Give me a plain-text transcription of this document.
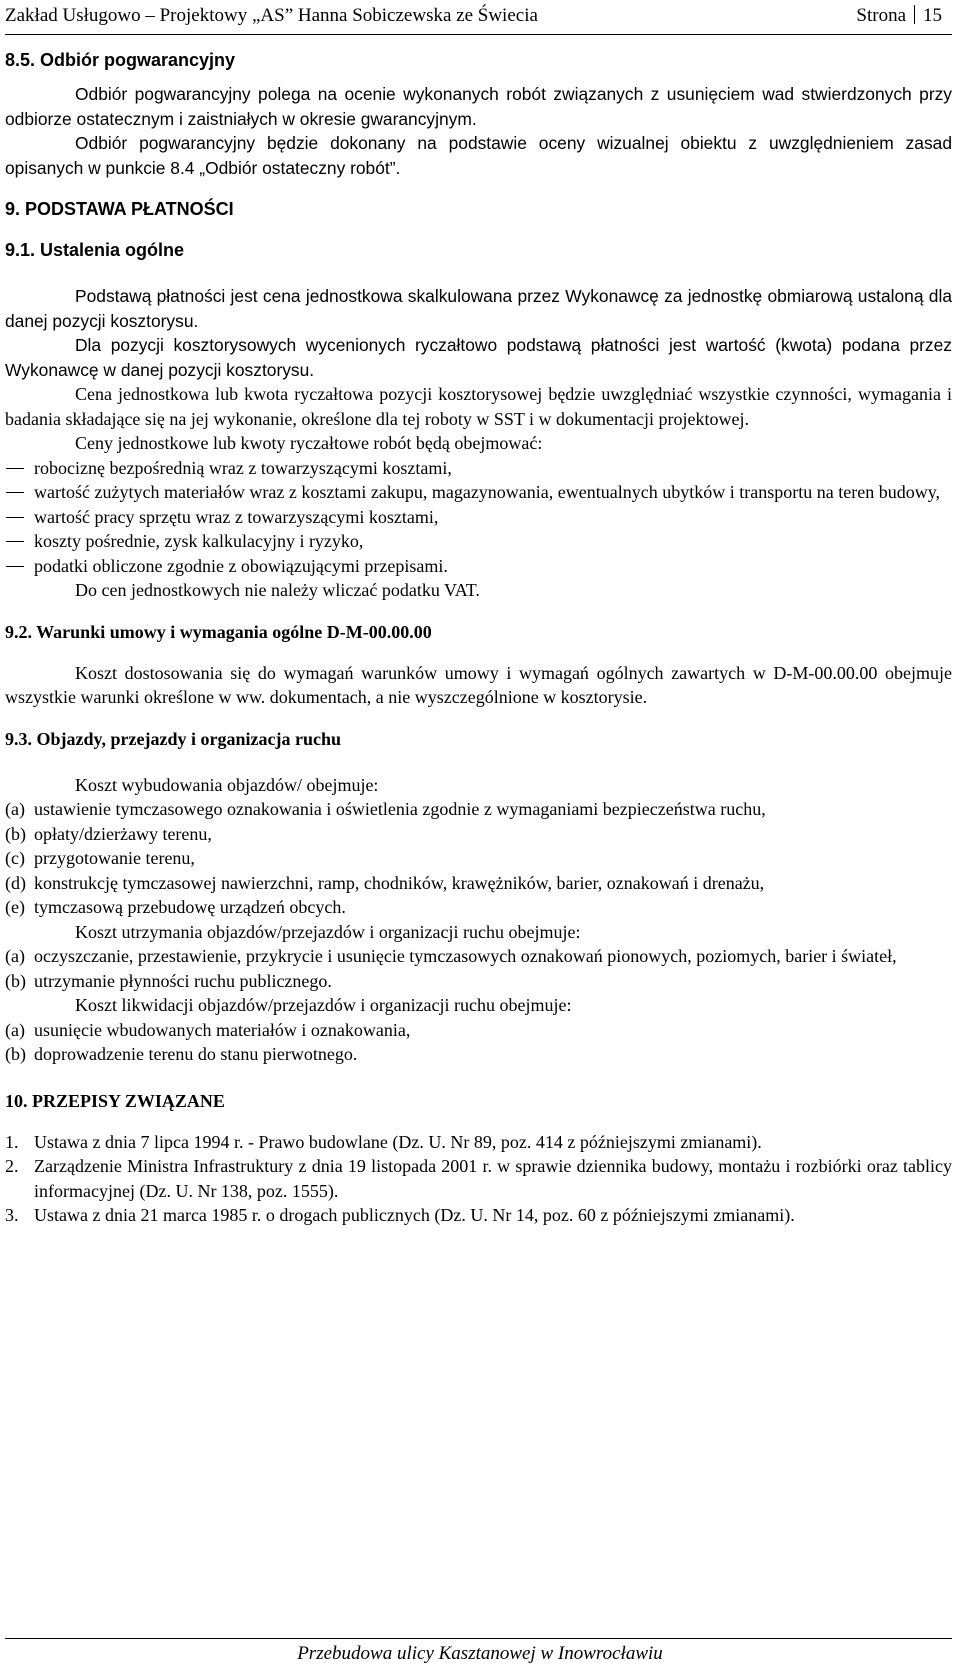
Zakład Usługowo – Projektowy „AS” Hanna Sobiczewska ze Świecia	Strona 15
8.5. Odbiór pogwarancyjny

Odbiór pogwarancyjny polega na ocenie wykonanych robót związanych z usunięciem wad stwierdzonych przy odbiorze ostatecznym i zaistniałych w okresie gwarancyjnym.

Odbiór pogwarancyjny będzie dokonany na podstawie oceny wizualnej obiektu z uwzględnieniem zasad opisanych w punkcie 8.4 „Odbiór ostateczny robót”.

9. PODSTAWA PŁATNOŚCI
9.1. Ustalenia ogólne

Podstawą płatności jest cena jednostkowa skalkulowana przez Wykonawcę za jednostkę obmiarową ustaloną dla danej pozycji kosztorysu.

Dla pozycji kosztorysowych wycenionych ryczałtowo podstawą płatności jest wartość (kwota) podana przez Wykonawcę w danej pozycji kosztorysu.

Cena jednostkowa lub kwota ryczałtowa pozycji kosztorysowej będzie uwzględniać wszystkie czynności, wymagania i badania składające się na jej wykonanie, określone dla tej roboty w SST i w dokumentacji projektowej.

Ceny jednostkowe lub kwoty ryczałtowe robót będą obejmować:

robociznę bezpośrednią wraz z towarzyszącymi kosztami,
wartość zużytych materiałów wraz z kosztami zakupu, magazynowania, ewentualnych ubytków i transportu na teren budowy,
wartość pracy sprzętu wraz z towarzyszącymi kosztami,
koszty pośrednie, zysk kalkulacyjny i ryzyko,
podatki obliczone zgodnie z obowiązującymi przepisami.

Do cen jednostkowych nie należy wliczać podatku VAT.

9.2. Warunki umowy i wymagania ogólne D-M-00.00.00

Koszt dostosowania się do wymagań warunków umowy i wymagań ogólnych zawartych w D-M-00.00.00 obejmuje wszystkie warunki określone w ww. dokumentach, a nie wyszczególnione w kosztorysie.

9.3. Objazdy, przejazdy i organizacja ruchu

Koszt wybudowania objazdów/ obejmuje:

(a) ustawienie tymczasowego oznakowania i oświetlenia zgodnie z wymaganiami bezpieczeństwa ruchu,
(b) opłaty/dzierżawy terenu,
(c) przygotowanie terenu,
(d) konstrukcję tymczasowej nawierzchni, ramp, chodników, krawężników, barier, oznakowań i drenażu,
(e) tymczasową przebudowę urządzeń obcych.

Koszt utrzymania objazdów/przejazdów i organizacji ruchu obejmuje:

(a) oczyszczanie, przestawienie, przykrycie i usunięcie tymczasowych oznakowań pionowych, poziomych, barier i świateł,
(b) utrzymanie płynności ruchu publicznego.

Koszt likwidacji objazdów/przejazdów i organizacji ruchu obejmuje:

(a) usunięcie wbudowanych materiałów i oznakowania,
(b) doprowadzenie terenu do stanu pierwotnego.
10. PRZEPISY ZWIĄZANE
1. Ustawa z dnia 7 lipca 1994 r. - Prawo budowlane (Dz. U. Nr 89, poz. 414 z późniejszymi zmianami).
2. Zarządzenie Ministra Infrastruktury z dnia 19 listopada 2001 r. w sprawie dziennika budowy, montażu i rozbiórki oraz tablicy informacyjnej (Dz. U. Nr 138, poz. 1555).
3. Ustawa z dnia 21 marca 1985 r. o drogach publicznych (Dz. U. Nr 14, poz. 60 z późniejszymi zmianami).
Przebudowa ulicy Kasztanowej w Inowrocławiu
